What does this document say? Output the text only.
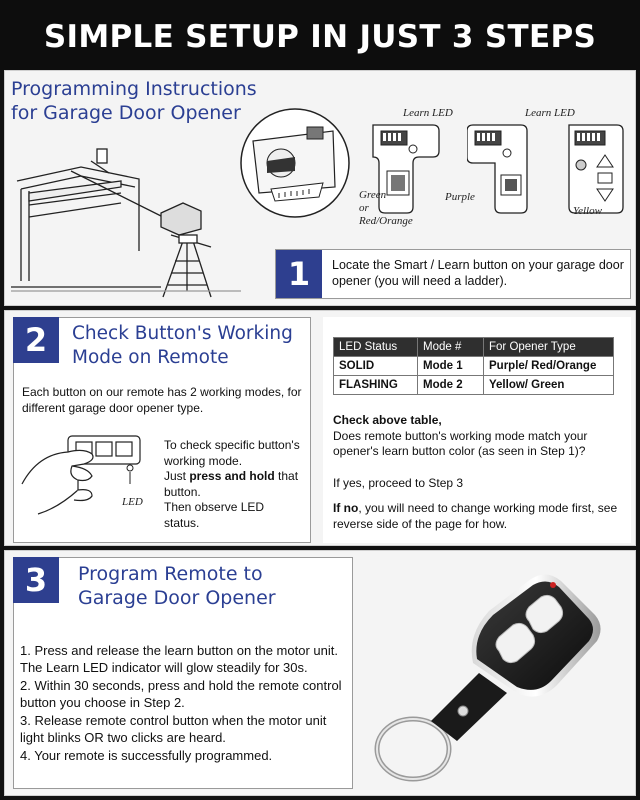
SIMPLE SETUP IN JUST 3 STEPS
Programming Instructions
for Garage Door Opener	Learn LED
Green
or
Red/Orange
Learn LED
Purple
Yellow
1	Locate the Smart / Learn button on your garage door opener (you will need a ladder).
2	Check Button's Working
Mode on Remote
Each button on our remote has 2 working modes, for different garage door opener type.
LED
To check specific button's
working mode.
Just press and hold that
button.
Then observe LED
status.
LED Status	Mode #	For Opener Type
SOLID	Mode 1	Purple/ Red/Orange
FLASHING	Mode 2	Yellow/ Green
Check above table,
Does remote button's working mode match your opener's learn button color (as seen in Step 1)?
If yes, proceed to Step 3
If no, you will need to change working mode first, see reverse side of the page for how.
3	Program Remote to
Garage Door Opener
1. Press and release the learn button on the motor unit. The Learn LED indicator will glow steadily for 30s.
2. Within 30 seconds, press and hold the remote control button you choose in Step 2.
3. Release remote control button when the motor unit light blinks OR two clicks are heard.
4. Your remote is successfully programmed.
